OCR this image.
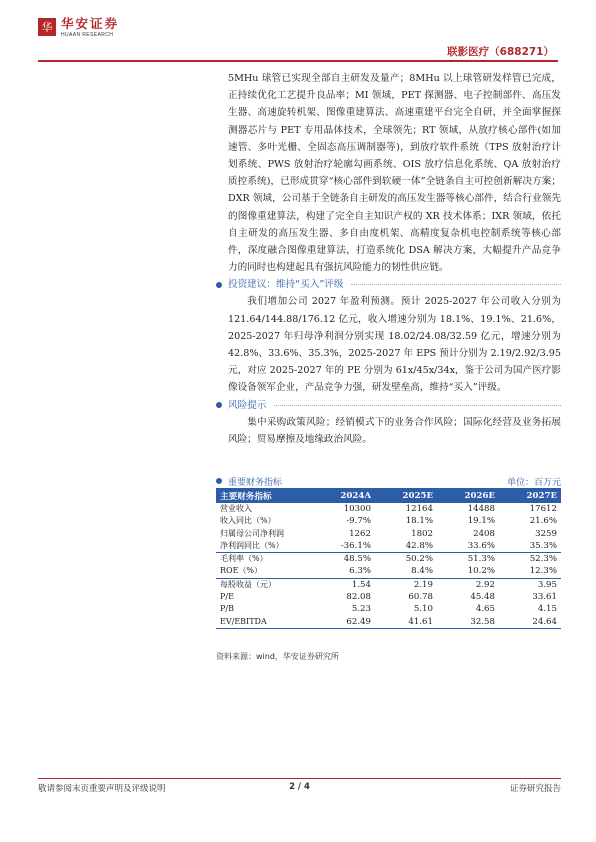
华 华安证券
HUAAN RESEARCH
联影医疗（688271）

5MHu 球管已实现全部自主研发及量产；8MHu 以上球管研发样管已完成，正持续优化工艺提升良品率；MI 领域，PET 探测器、电子控制部件、高压发生器、高速旋转机架、图像重建算法、高速重建平台完全自研，并全面掌握探测器芯片与 PET 专用晶体技术，全球领先；RT 领域，从放疗核心部件(如加速管、多叶光栅、全固态高压调制器等)，到放疗软件系统（TPS 放射治疗计划系统、PWS 放射治疗轮廓勾画系统、OIS 放疗信息化系统、QA 放射治疗质控系统)，已形成贯穿“核心部件到软硬一体”全链条自主可控创新解决方案；DXR 领域，公司基于全链条自主研发的高压发生器等核心部件，结合行业领先的图像重建算法，构建了完全自主知识产权的 XR 技术体系；IXR 领域，依托自主研发的高压发生器、多自由度机架、高精度复杂机电控制系统等核心部件，深度融合图像重建算法，打造系统化 DSA 解决方案，大幅提升产品竞争力的同时也构建起具有强抗风险能力的韧性供应链。

投资建议：维持“买入”评级

我们增加公司 2027 年盈利预测。预计 2025-2027 年公司收入分别为 121.64/144.88/176.12 亿元，收入增速分别为 18.1%、19.1%、21.6%，2025-2027 年归母净利润分别实现 18.02/24.08/32.59 亿元，增速分别为 42.8%、33.6%、35.3%，2025-2027 年 EPS 预计分别为 2.19/2.92/3.95 元，对应 2025-2027 年的 PE 分别为 61x/45x/34x，鉴于公司为国产医疗影像设备领军企业，产品竞争力强，研发壁垒高，维持“买入”评级。

风险提示

集中采购政策风险；经销模式下的业务合作风险；国际化经营及业务拓展风险；贸易摩擦及地缘政治风险。

重要财务指标	单位：百万元
主要财务指标	2024A	2025E	2026E	2027E
营业收入	10300	12164	14488	17612
收入同比（%）	-9.7%	18.1%	19.1%	21.6%
归属母公司净利润	1262	1802	2408	3259
净利润同比（%）	-36.1%	42.8%	33.6%	35.3%
毛利率（%）	48.5%	50.2%	51.3%	52.3%
ROE（%）	6.3%	8.4%	10.2%	12.3%
每股收益（元）	1.54	2.19	2.92	3.95
P/E	82.08	60.78	45.48	33.61
P/B	5.23	5.10	4.65	4.15
EV/EBITDA	62.49	41.61	32.58	24.64
资料来源：wind，华安证券研究所
敬请参阅末页重要声明及评级说明	2 / 4	证券研究报告
